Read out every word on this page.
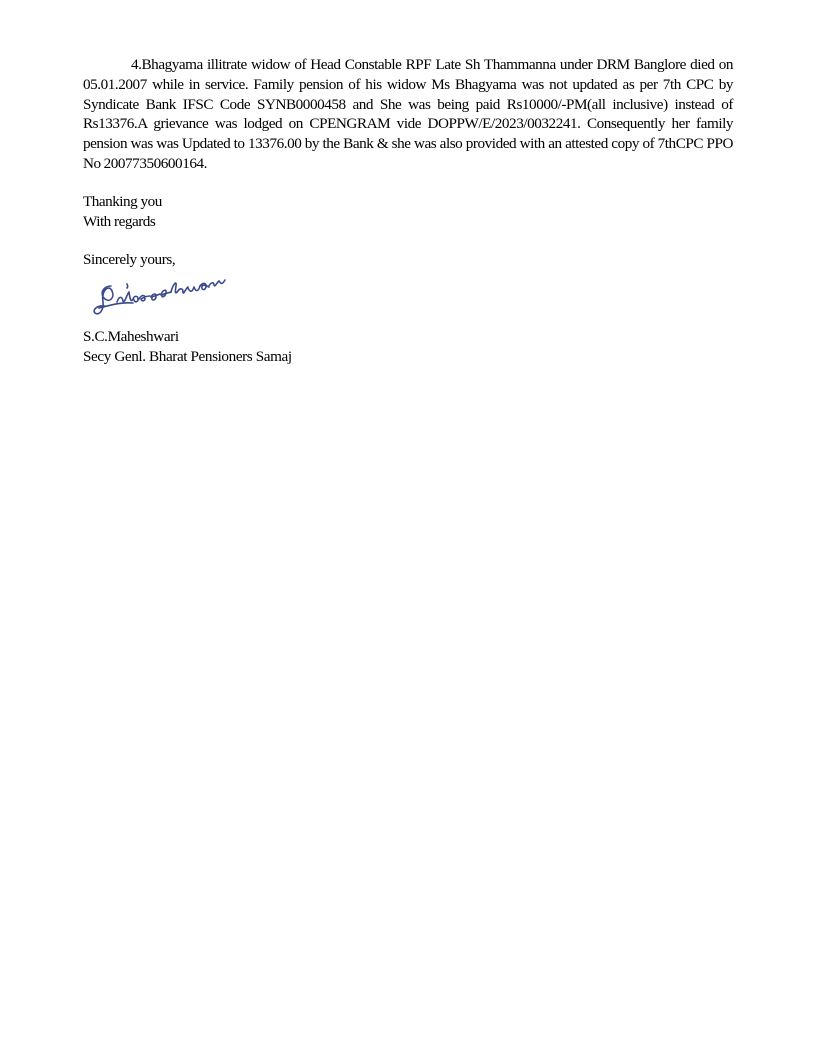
4.Bhagyama illitrate widow of Head Constable RPF Late Sh Thammanna under DRM Banglore died on 05.01.2007 while in service. Family pension of his widow Ms Bhagyama was not updated as per 7th CPC by Syndicate Bank IFSC Code SYNB0000458 and She was being paid Rs10000/-PM(all inclusive) instead of Rs13376.A grievance was lodged on CPENGRAM vide DOPPW/E/2023/0032241. Consequently her family pension was was Updated to 13376.00 by the Bank & she was also provided with an attested copy of 7thCPC PPO No 20077350600164.

Thanking you
With regards
Sincerely yours,
S.C.Maheshwari
Secy Genl. Bharat Pensioners Samaj
